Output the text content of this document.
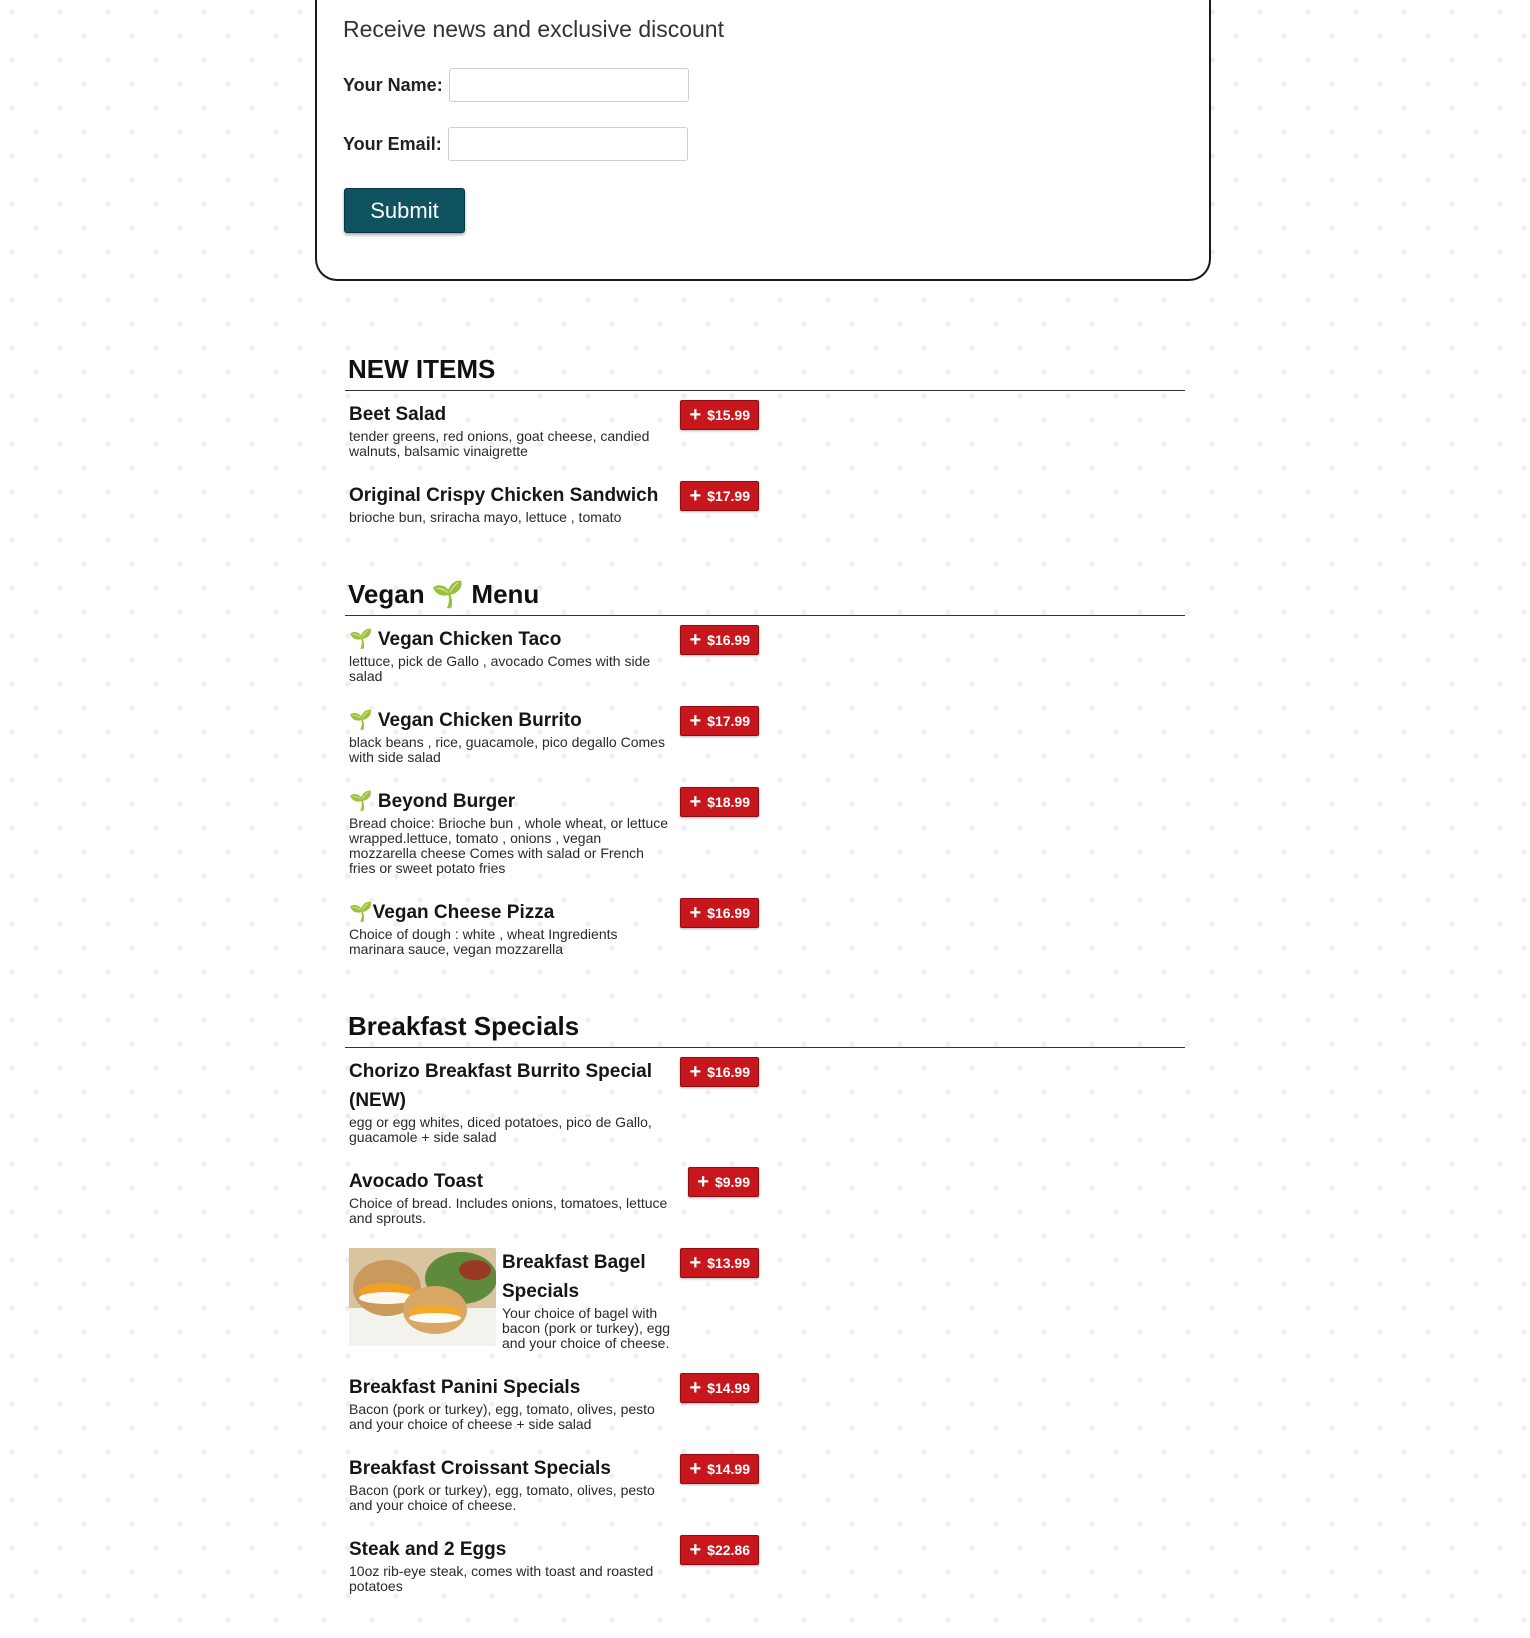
Receive news and exclusive discount
Your Name:
Your Email:
Submit
NEW ITEMS
Beet Salad

tender greens, red onions, goat cheese, candied walnuts, balsamic vinaigrette

+ $15.99
Original Crispy Chicken Sandwich

brioche bun, sriracha mayo, lettuce , tomato

+ $17.99
Vegan 🌱 Menu
🌱 Vegan Chicken Taco

lettuce, pick de Gallo , avocado Comes with side salad

+ $16.99
🌱 Vegan Chicken Burrito

black beans , rice, guacamole, pico degallo Comes with side salad

+ $17.99
🌱 Beyond Burger

Bread choice: Brioche bun , whole wheat, or lettuce wrapped.lettuce, tomato , onions , vegan mozzarella cheese Comes with salad or French fries or sweet potato fries

+ $18.99
🌱Vegan Cheese Pizza

Choice of dough : white , wheat Ingredients marinara sauce, vegan mozzarella

+ $16.99
Breakfast Specials
Chorizo Breakfast Burrito Special (NEW)

egg or egg whites, diced potatoes, pico de Gallo, guacamole + side salad

+ $16.99
Avocado Toast

Choice of bread. Includes onions, tomatoes, lettuce and sprouts.

+ $9.99
Breakfast Bagel Specials

Your choice of bagel with bacon (pork or turkey), egg and your choice of cheese.

+ $13.99
Breakfast Panini Specials

Bacon (pork or turkey), egg, tomato, olives, pesto and your choice of cheese + side salad

+ $14.99
Breakfast Croissant Specials

Bacon (pork or turkey), egg, tomato, olives, pesto and your choice of cheese.

+ $14.99
Steak and 2 Eggs

10oz rib-eye steak, comes with toast and roasted potatoes

+ $22.86
